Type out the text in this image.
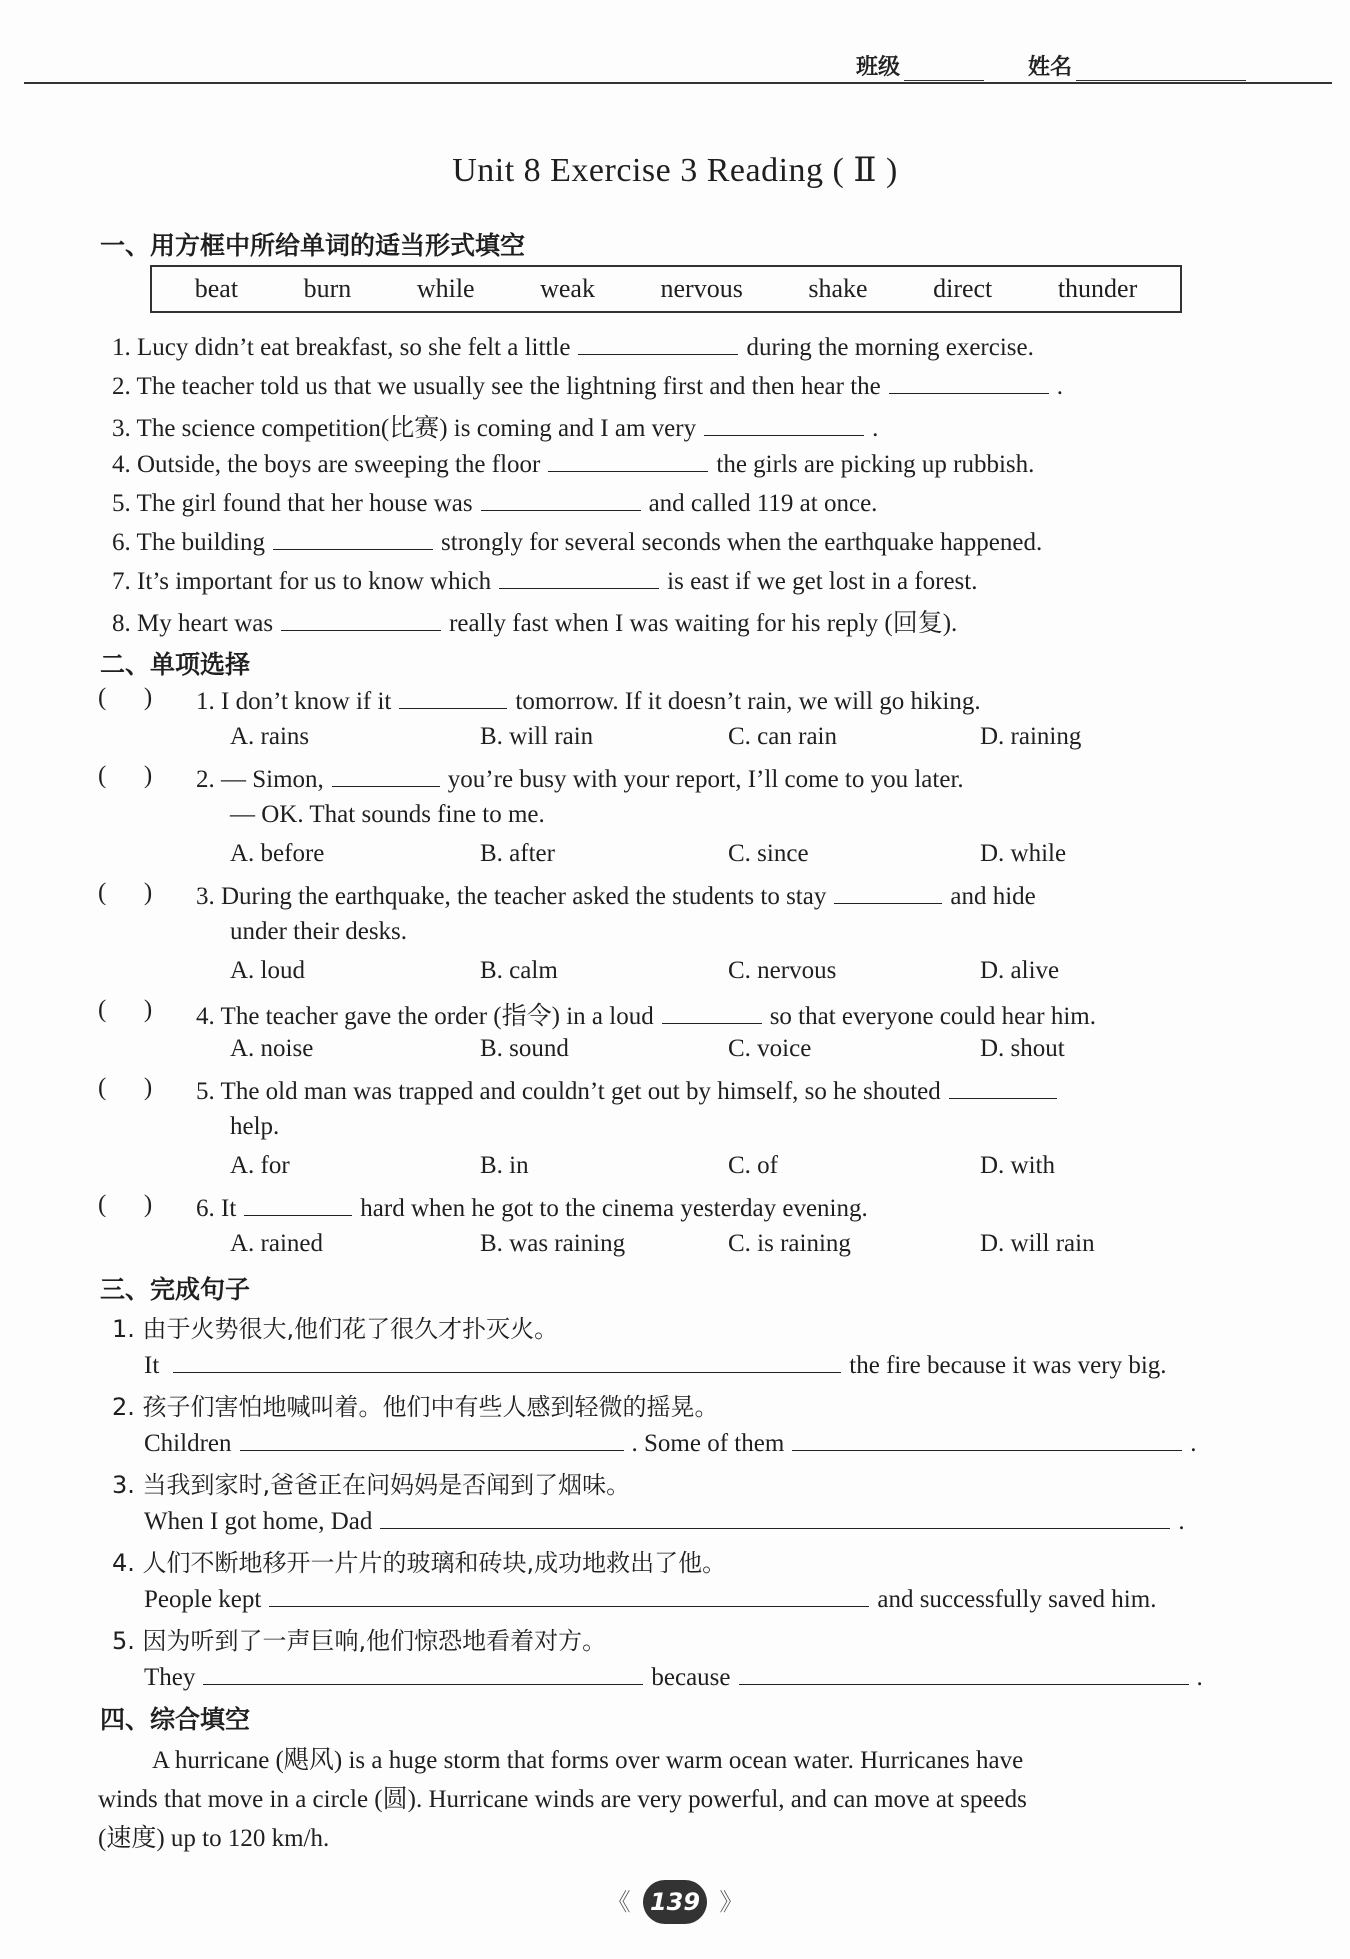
班级	姓名
Unit 8 Exercise 3 Reading ( Ⅱ )
一、用方框中所给单词的适当形式填空
beat	burn	while	weak	nervous	shake	direct	thunder
1. Lucy didn’t eat breakfast, so she felt a little	during the morning exercise.
2. The teacher told us that we usually see the lightning first and then hear the	.
3. The science competition(比赛) is coming and I am very	.
4. Outside, the boys are sweeping the floor	the girls are picking up rubbish.
5. The girl found that her house was	and called 119 at once.
6. The building	strongly for several seconds when the earthquake happened.
7. It’s important for us to know which	is east if we get lost in a forest.
8. My heart was	really fast when I was waiting for his reply (回复).
二、单项选择
(      ) 1. I don’t know if it	tomorrow. If it doesn’t rain, we will go hiking.
A. rains	B. will rain	C. can rain	D. raining
(      ) 2. — Simon,	you’re busy with your report, I’ll come to you later.
— OK. That sounds fine to me.
A. before	B. after	C. since	D. while
(      ) 3. During the earthquake, the teacher asked the students to stay	and hide
under their desks.
A. loud	B. calm	C. nervous	D. alive
(      ) 4. The teacher gave the order (指令) in a loud	so that everyone could hear him.
A. noise	B. sound	C. voice	D. shout
(      ) 5. The old man was trapped and couldn’t get out by himself, so he shouted
help.
A. for	B. in	C. of	D. with
(      ) 6. It	hard when he got to the cinema yesterday evening.
A. rained	B. was raining	C. is raining	D. will rain
三、完成句子
1. 由于火势很大,他们花了很久才扑灭火。
It	the fire because it was very big.
2. 孩子们害怕地喊叫着。他们中有些人感到轻微的摇晃。
Children	. Some of them	.
3. 当我到家时,爸爸正在问妈妈是否闻到了烟味。
When I got home, Dad	.
4. 人们不断地移开一片片的玻璃和砖块,成功地救出了他。
People kept	and successfully saved him.
5. 因为听到了一声巨响,他们惊恐地看着对方。
They	because	.
四、综合填空
A hurricane (飓风) is a huge storm that forms over warm ocean water. Hurricanes have
winds that move in a circle (圆). Hurricane winds are very powerful, and can move at speeds
(速度) up to 120 km/h.
《 139 》
